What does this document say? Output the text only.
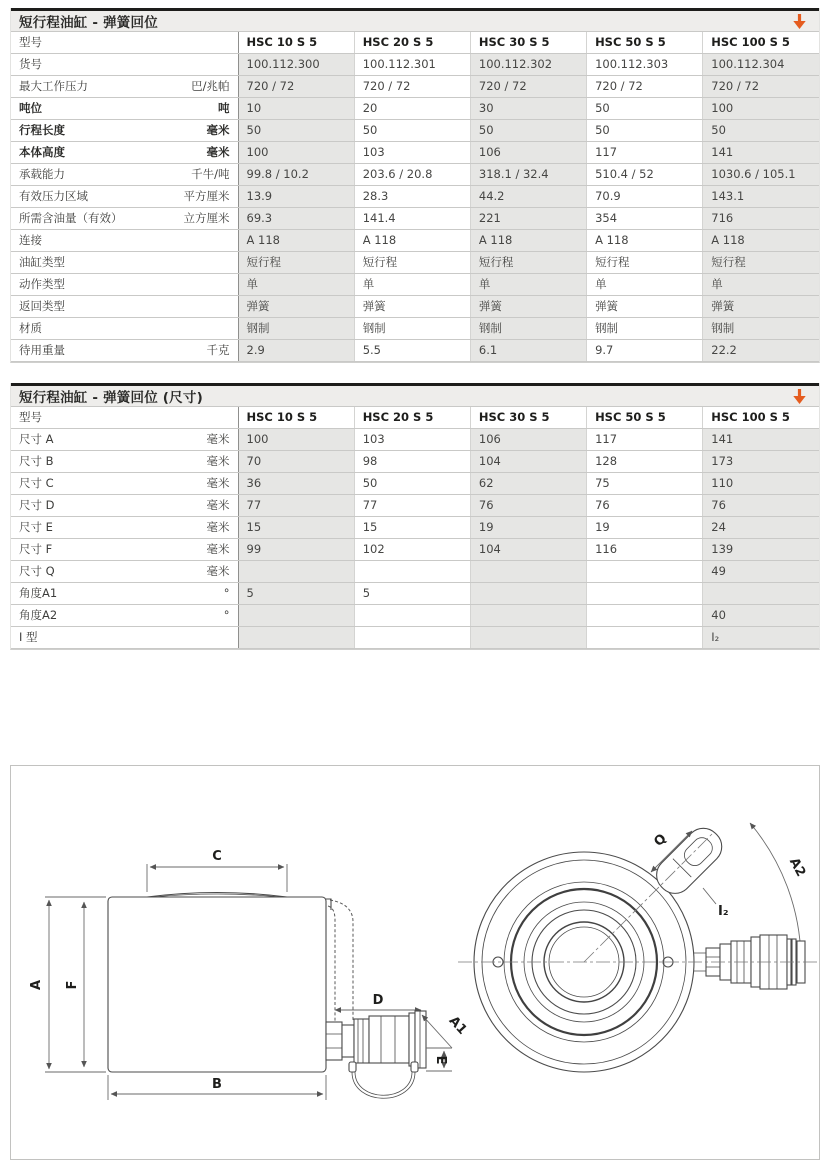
短行程油缸 - 弹簧回位
型号	HSC 10 S 5	HSC 20 S 5	HSC 30 S 5	HSC 50 S 5	HSC 100 S 5

货号	100.112.300	100.112.301	100.112.302	100.112.303	100.112.304

最大工作压力 巴/兆帕	720 / 72	720 / 72	720 / 72	720 / 72	720 / 72

吨位 吨	10	20	30	50	100

行程长度 毫米	50	50	50	50	50

本体高度 毫米	100	103	106	117	141

承载能力 千牛/吨	99.8 / 10.2	203.6 / 20.8	318.1 / 32.4	510.4 / 52	1030.6 / 105.1

有效压力区域 平方厘米	13.9	28.3	44.2	70.9	143.1

所需含油量（有效） 立方厘米	69.3	141.4	221	354	716

连接	A 118	A 118	A 118	A 118	A 118

油缸类型	短行程	短行程	短行程	短行程	短行程

动作类型	单	单	单	单	单

返回类型	弹簧	弹簧	弹簧	弹簧	弹簧

材质	钢制	钢制	钢制	钢制	钢制

待用重量 千克	2.9	5.5	6.1	9.7	22.2
短行程油缸 - 弹簧回位 (尺寸)
型号	HSC 10 S 5	HSC 20 S 5	HSC 30 S 5	HSC 50 S 5	HSC 100 S 5

尺寸 A 毫米	100	103	106	117	141

尺寸 B 毫米	70	98	104	128	173

尺寸 C 毫米	36	50	62	75	110

尺寸 D 毫米	77	77	76	76	76

尺寸 E 毫米	15	15	19	19	24

尺寸 F 毫米	99	102	104	116	139

尺寸 Q 毫米					49

角度A1 °	5	5			

角度A2 °					40

I 型					I₂
A F
C
B
D
A1
E
Q
I₂
A2
